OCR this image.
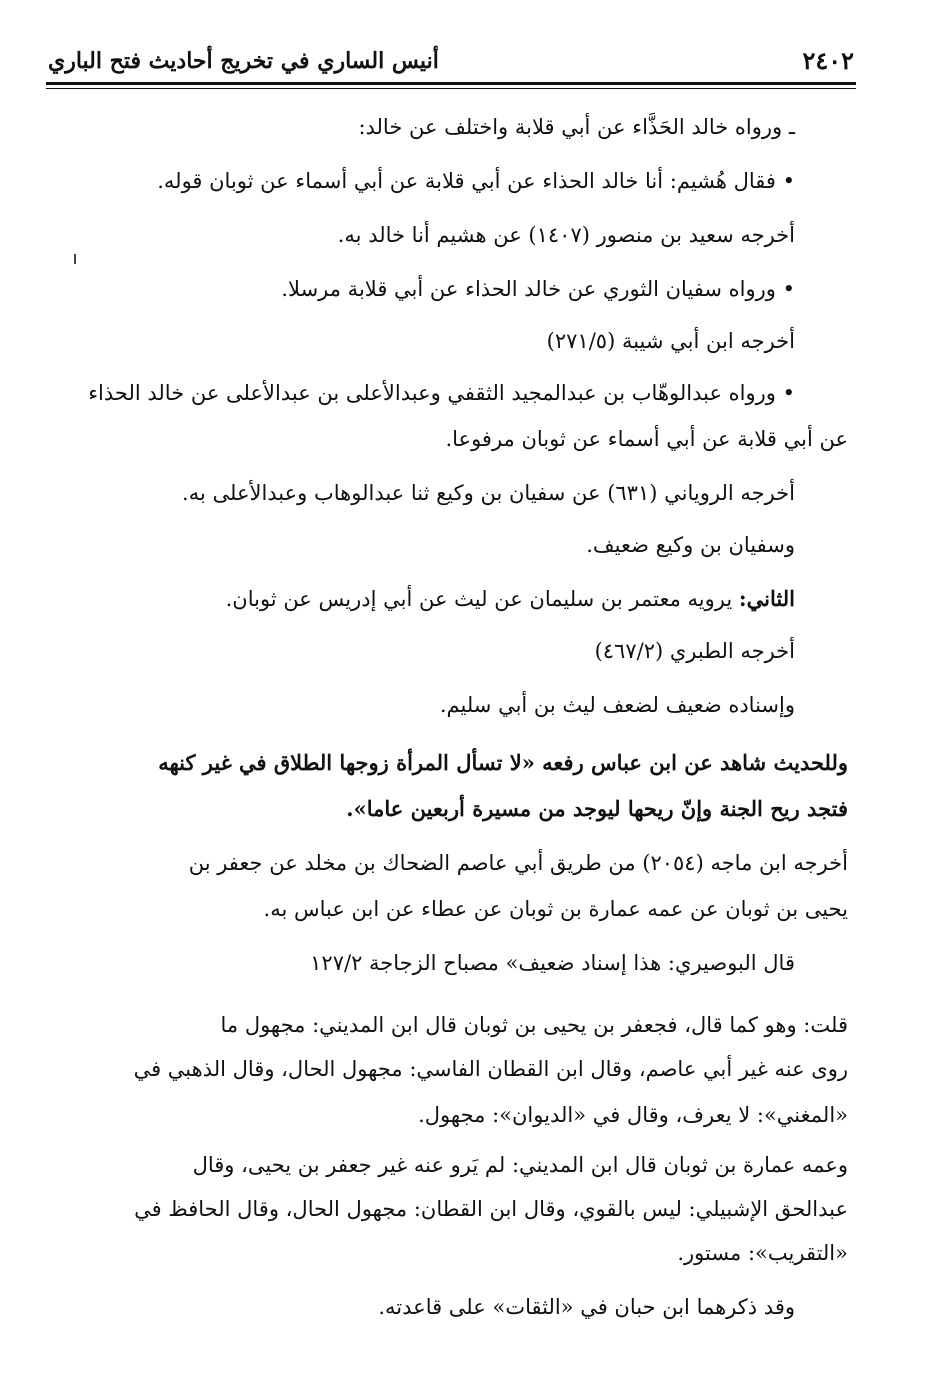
٢٤٠٢
أنيس الساري في تخريج أحاديث فتح الباري
ـ ورواه خالد الحَذَّاء عن أبي قلابة واختلف عن خالد:
• فقال هُشيم: أنا خالد الحذاء عن أبي قلابة عن أبي أسماء عن ثوبان قوله.
أخرجه سعيد بن منصور (١٤٠٧) عن هشيم أنا خالد به.
• ورواه سفيان الثوري عن خالد الحذاء عن أبي قلابة مرسلا.
أخرجه ابن أبي شيبة (٢٧١/٥)
• ورواه عبدالوهّاب بن عبدالمجيد الثقفي وعبدالأعلى بن عبدالأعلى عن خالد الحذاء
عن أبي قلابة عن أبي أسماء عن ثوبان مرفوعا.
أخرجه الروياني (٦٣١) عن سفيان بن وكيع ثنا عبدالوهاب وعبدالأعلى به.
وسفيان بن وكيع ضعيف.
الثاني: يرويه معتمر بن سليمان عن ليث عن أبي إدريس عن ثوبان.
أخرجه الطبري (٤٦٧/٢)
وإسناده ضعيف لضعف ليث بن أبي سليم.
وللحديث شاهد عن ابن عباس رفعه «لا تسأل المرأة زوجها الطلاق في غير كنهه
فتجد ريح الجنة وإنّ ريحها ليوجد من مسيرة أربعين عاما».
أخرجه ابن ماجه (٢٠٥٤) من طريق أبي عاصم الضحاك بن مخلد عن جعفر بن
يحيى بن ثوبان عن عمه عمارة بن ثوبان عن عطاء عن ابن عباس به.
قال البوصيري: هذا إسناد ضعيف» مصباح الزجاجة ١٢٧/٢
قلت: وهو كما قال، فجعفر بن يحيى بن ثوبان قال ابن المديني: مجهول ما
روى عنه غير أبي عاصم، وقال ابن القطان الفاسي: مجهول الحال، وقال الذهبي في
«المغني»: لا يعرف، وقال في «الديوان»: مجهول.
وعمه عمارة بن ثوبان قال ابن المديني: لم يَرو عنه غير جعفر بن يحيى، وقال
عبدالحق الإشبيلي: ليس بالقوي، وقال ابن القطان: مجهول الحال، وقال الحافظ في
«التقريب»: مستور.
وقد ذكرهما ابن حبان في «الثقات» على قاعدته.
